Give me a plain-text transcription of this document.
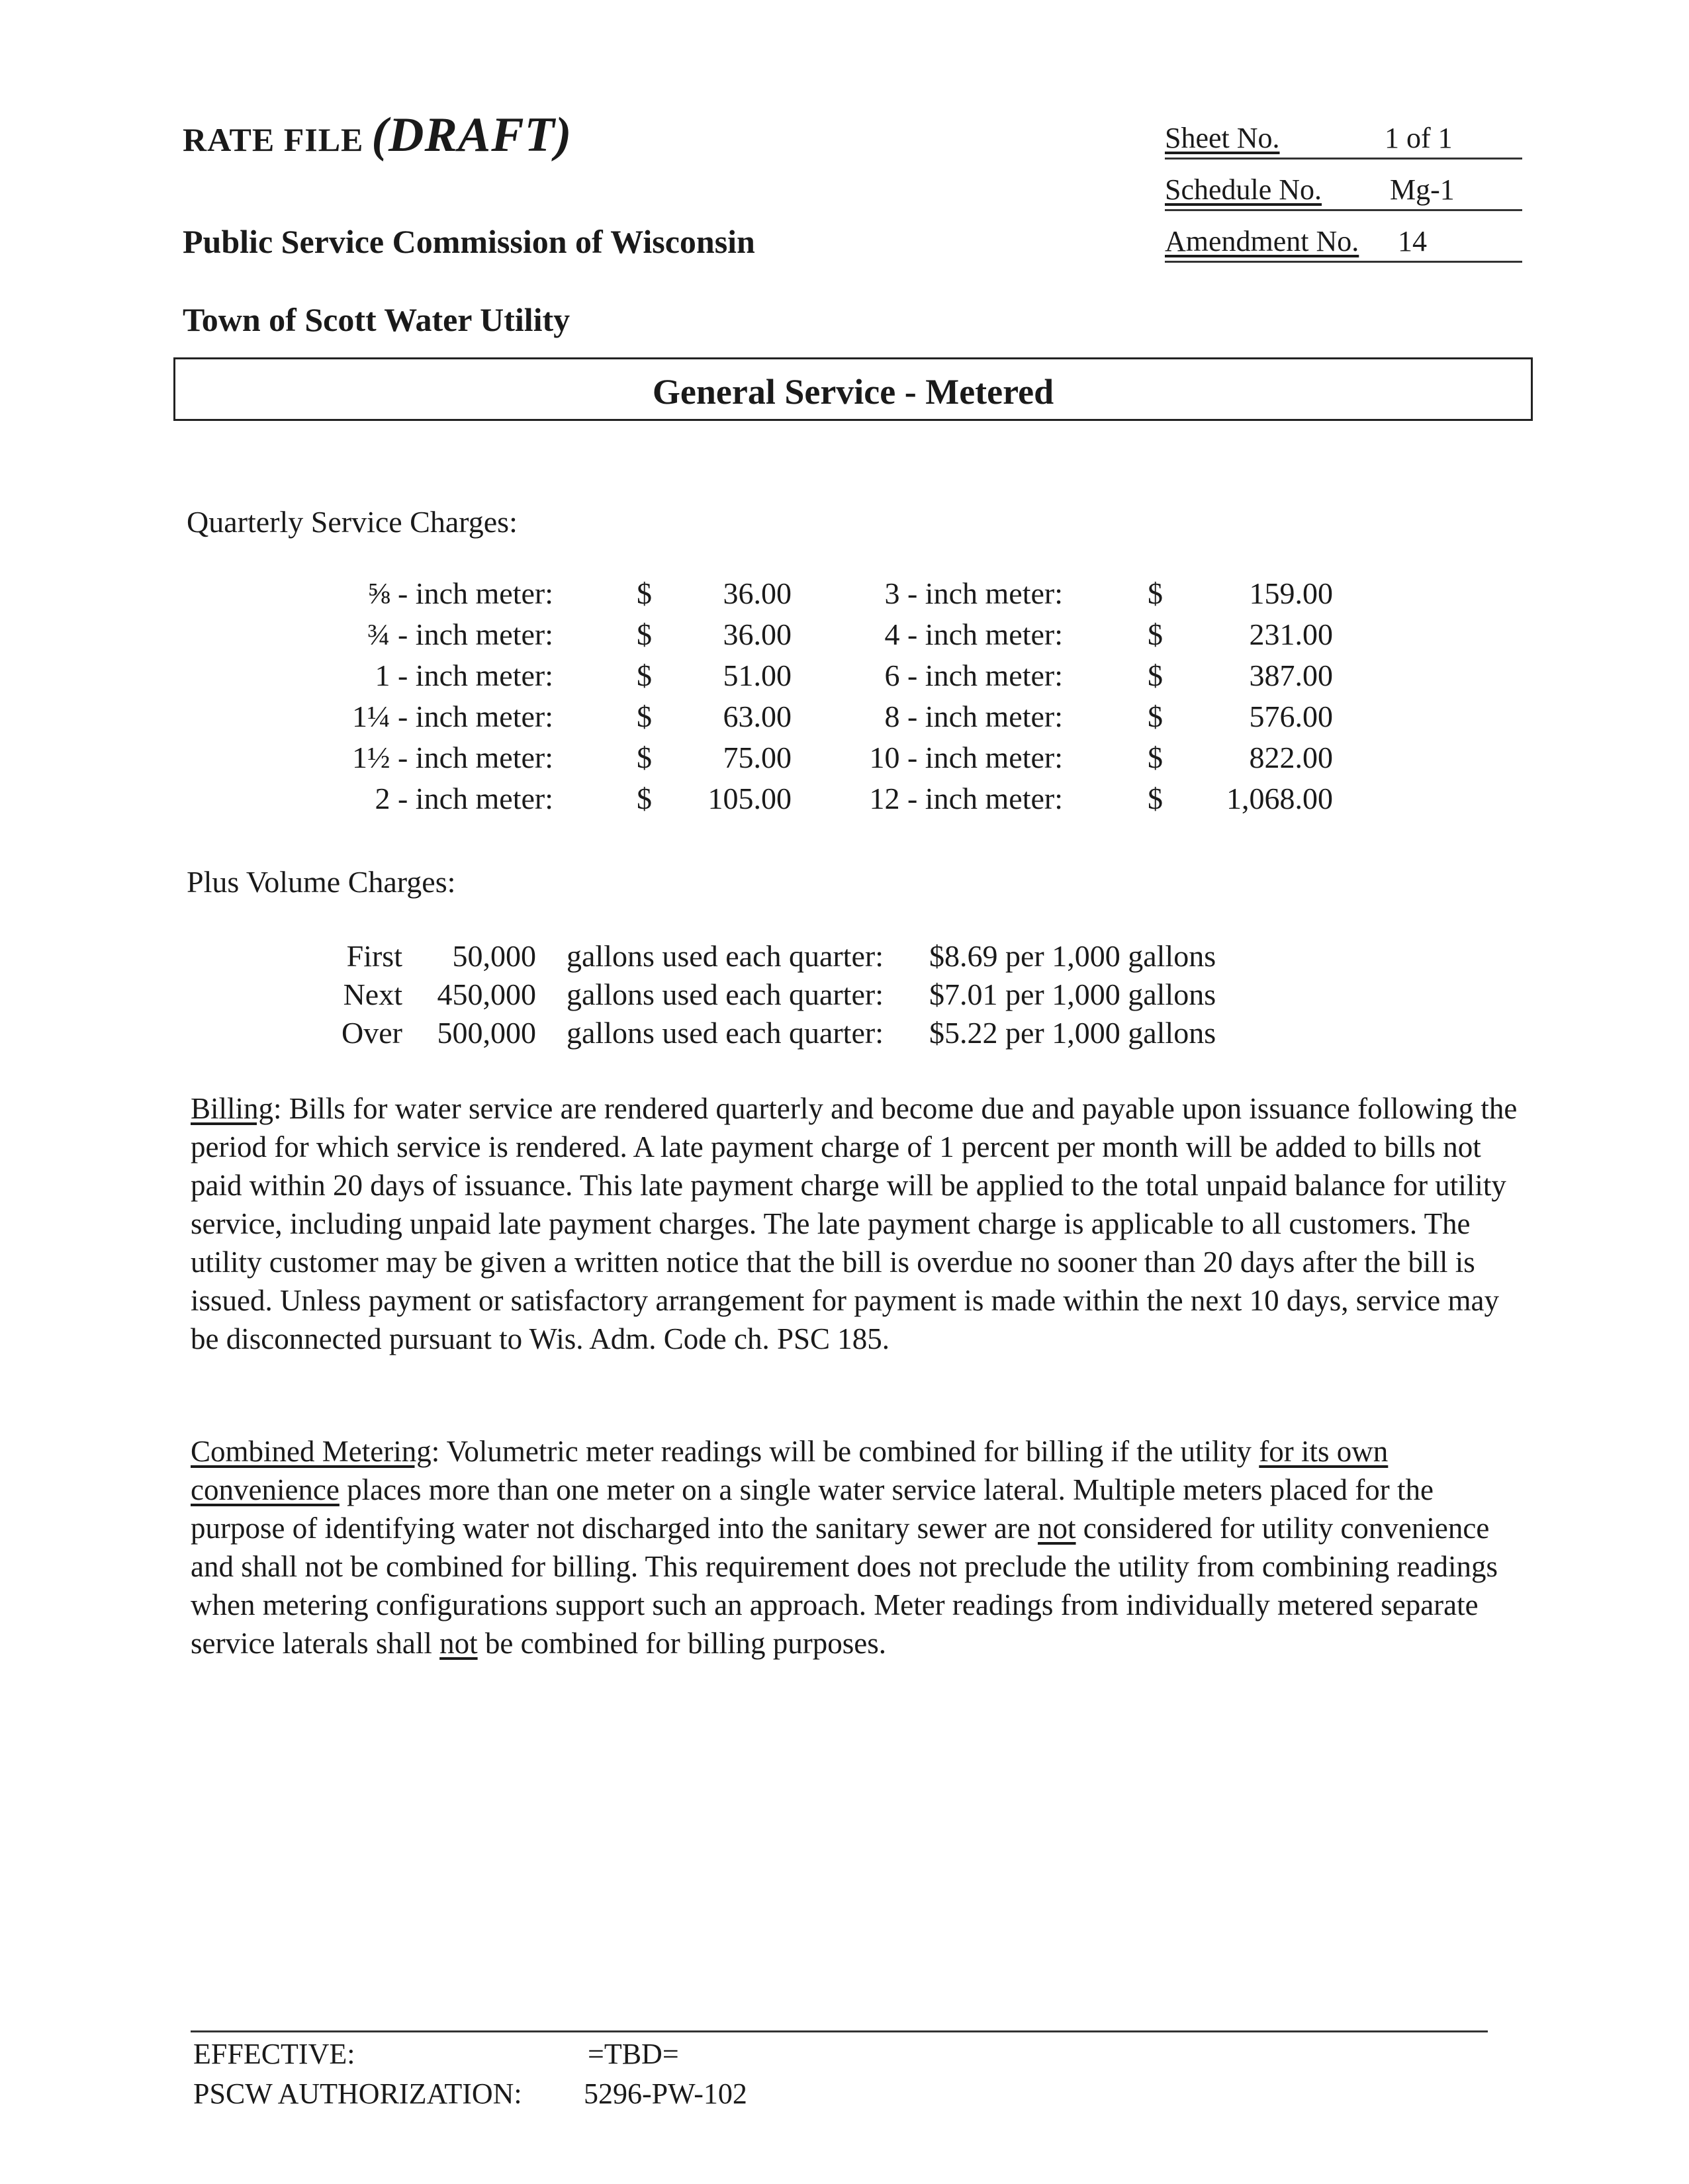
RATE FILE (DRAFT)
Public Service Commission of Wisconsin
Town of Scott Water Utility
Sheet No.	1 of 1
Schedule No. Mg-1
Amendment No. 14
General Service - Metered
Quarterly Service Charges:
⅝ - inch meter:	$ 36.00	3 - inch meter:	$	159.00
¾ - inch meter:	$ 36.00	4 - inch meter:	$	231.00
1 - inch meter:	$ 51.00	6 - inch meter:	$	387.00
1¼ - inch meter:	$ 63.00	8 - inch meter:	$	576.00
1½ - inch meter:	$ 75.00	10 - inch meter:	$	822.00
2 - inch meter:	$ 105.00	12 - inch meter:	$ 1,068.00
Plus Volume Charges:
First 50,000 gallons used each quarter: $8.69 per 1,000 gallons
Next 450,000 gallons used each quarter: $7.01 per 1,000 gallons
Over 500,000 gallons used each quarter: $5.22 per 1,000 gallons
Billing: Bills for water service are rendered quarterly and become due and payable upon issuance following the period for which service is rendered. A late payment charge of 1 percent per month will be added to bills not paid within 20 days of issuance. This late payment charge will be applied to the total unpaid balance for utility service, including unpaid late payment charges. The late payment charge is applicable to all customers. The utility customer may be given a written notice that the bill is overdue no sooner than 20 days after the bill is issued. Unless payment or satisfactory arrangement for payment is made within the next 10 days, service may be disconnected pursuant to Wis. Adm. Code ch. PSC 185.
Combined Metering: Volumetric meter readings will be combined for billing if the utility for its own convenience places more than one meter on a single water service lateral. Multiple meters placed for the purpose of identifying water not discharged into the sanitary sewer are not considered for utility convenience and shall not be combined for billing. This requirement does not preclude the utility from combining readings when metering configurations support such an approach. Meter readings from individually metered separate service laterals shall not be combined for billing purposes.
EFFECTIVE:	=TBD=
PSCW AUTHORIZATION: 5296-PW-102
